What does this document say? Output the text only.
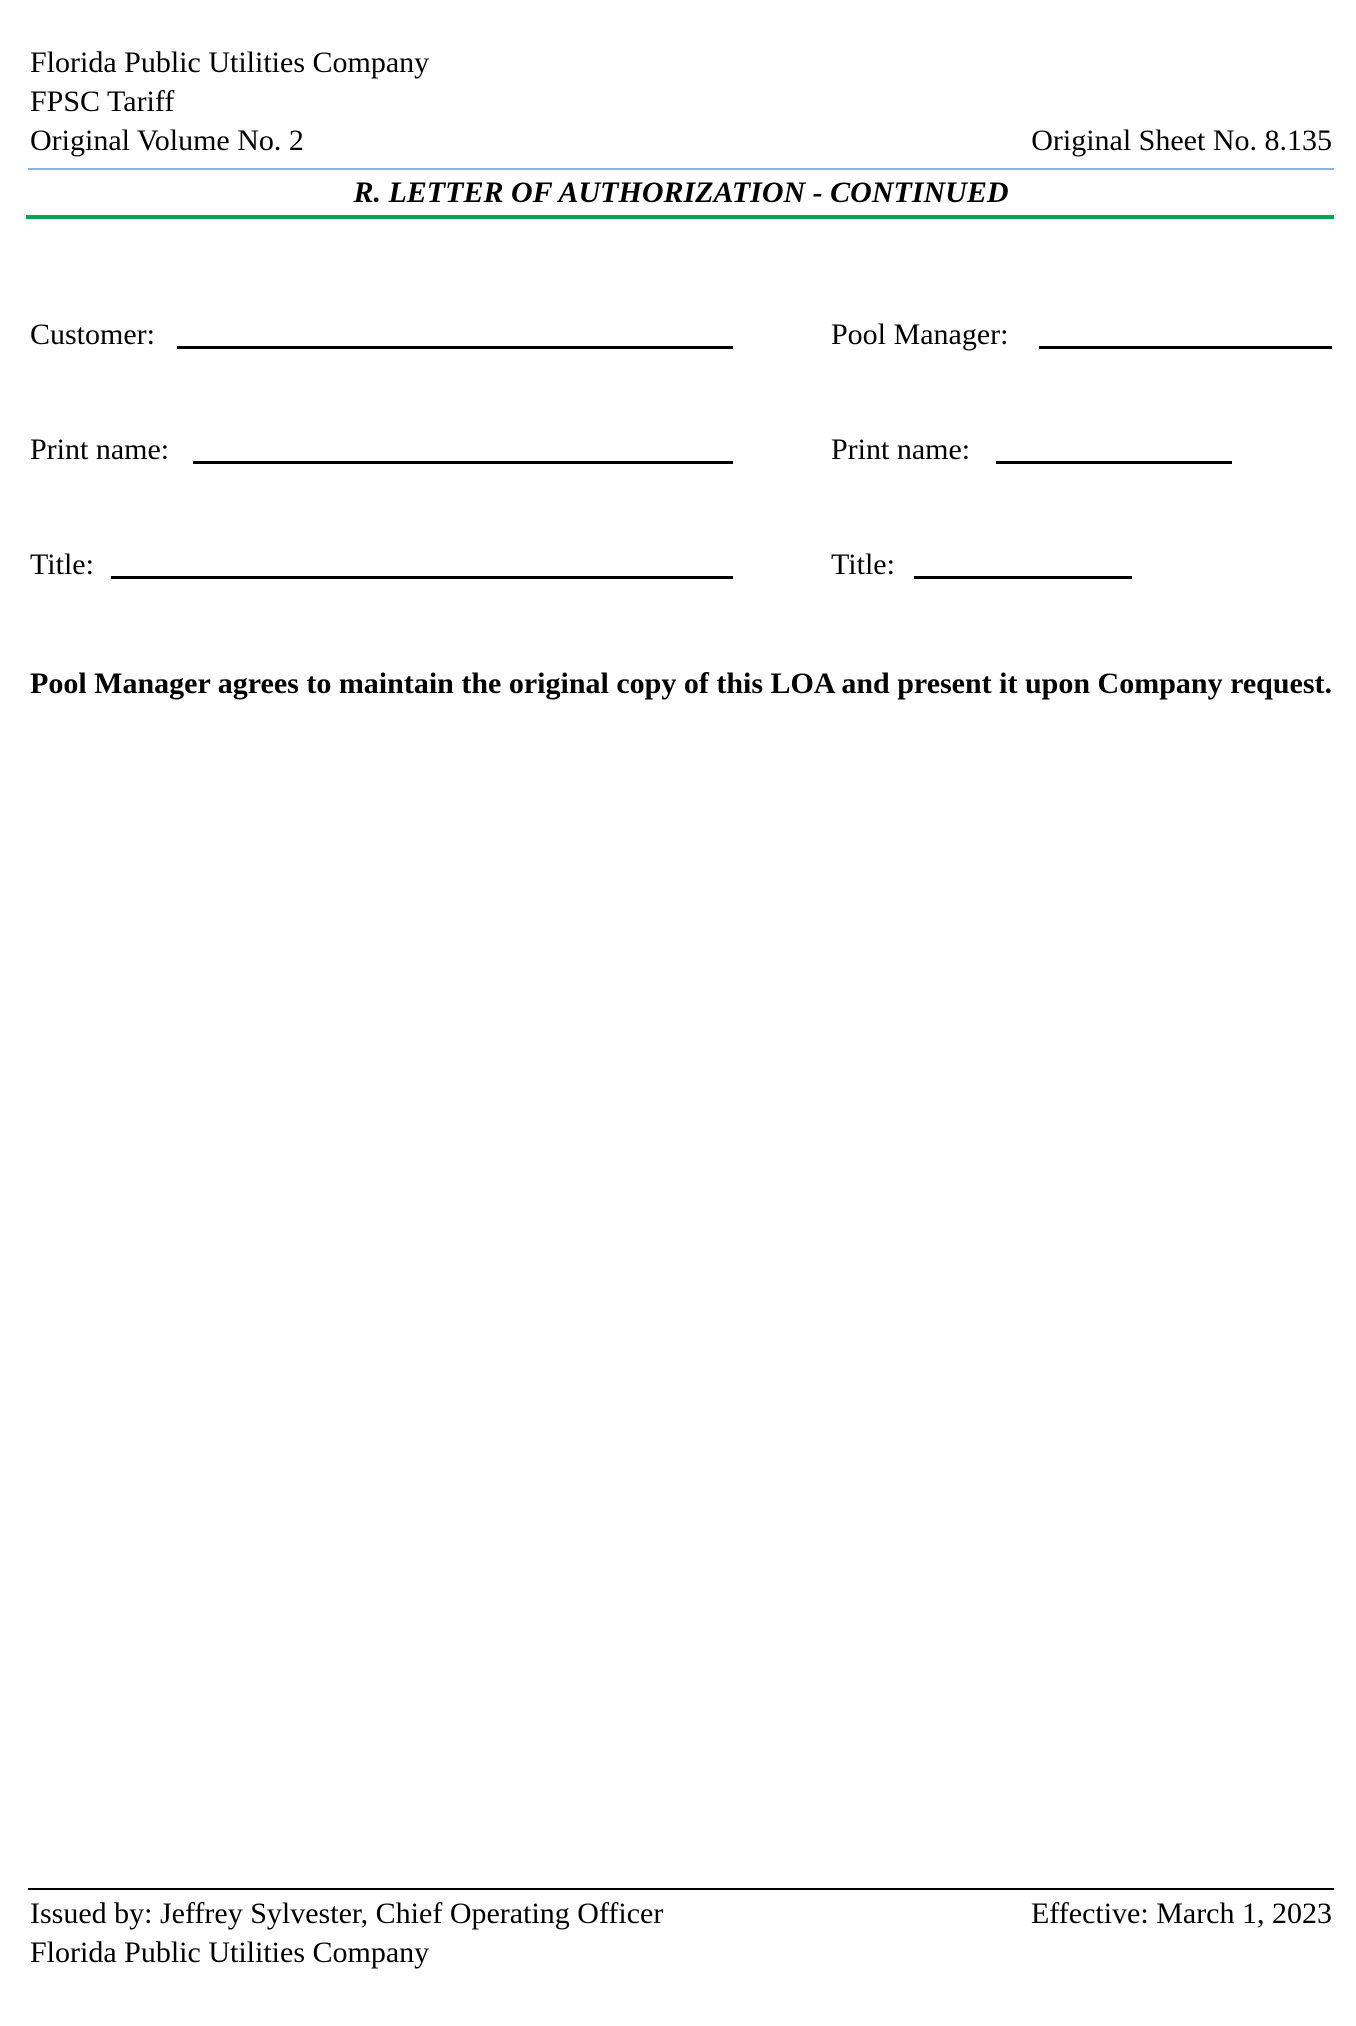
Florida Public Utilities Company
FPSC Tariff
Original Volume No. 2	Original Sheet No. 8.135
R. LETTER OF AUTHORIZATION - CONTINUED
Customer:	Pool Manager:
Print name:	Print name:
Title:	Title:
Pool Manager agrees to maintain the original copy of this LOA and present it upon Company request.
Issued by: Jeffrey Sylvester, Chief Operating Officer
Florida Public Utilities Company
Effective: March 1, 2023
